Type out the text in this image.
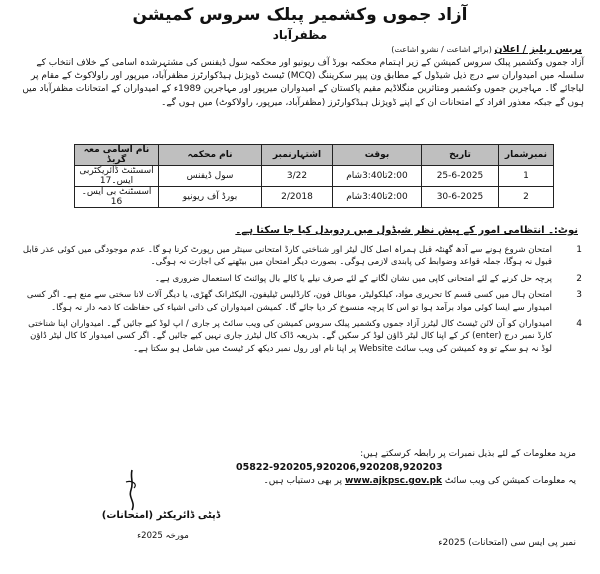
آزاد جموں وکشمیر پبلک سروس کمیشن
مظفرآباد
پریس ریلیز / اعلان (برائے اشاعت / نشرو اشاعت)
آزاد جموں وکشمیر پبلک سروس کمیشن کے زیر اہتمام محکمہ بورڈ آف ریونیو اور محکمہ سول ڈیفنس کی مشتہرشدہ اسامی کے خلاف انتخاب کے سلسلہ میں امیدواران سے درج ذیل شیڈول کے مطابق ون پیپر سکریننگ (MCQ) ٹیسٹ ڈویژنل ہیڈکوارٹرز مظفرآباد، میرپور اور راولاکوٹ کے مقام پر لیاجائے گا۔ مہاجرین جموں وکشمیر ومتاثرین منگلاڈیم مقیم پاکستان کے امیدواران میرپور اور مہاجرین 1989ء کے امیدواران کے امتحانات مظفرآباد میں ہوں گے جبکہ معذور افراد کے امتحانات ان کے اپنے ڈویژنل ہیڈکوارٹرز (مظفرآباد، میرپور، راولاکوٹ) میں ہوں گے۔
نمبرشمار	تاریخ	بوقت	اشتہارنمبر	نام محکمہ	نام اسامی معہ گریڈ
1	25-6-2025	2:00تا3:40شام	3/22	سول ڈیفنس	اسسٹنٹ ڈائریکٹربی ایس۔17
2	30-6-2025	2:00تا3:40شام	2/2018	بورڈ آف ریونیو	اسسٹنٹ بی ایس۔16
نوٹ:۔ انتظامی امور کے پیش نظر شیڈول میں ردوبدل کیا جا سکتا ہے۔
1
امتحان شروع ہونے سے آدھ گھنٹہ قبل ہمراہ اصل کال لیٹر اور شناختی کارڈ امتحانی سینٹر میں رپورٹ کرنا ہو گا۔ عدم موجودگی میں کوئی عذر قابل قبول نہ ہوگا، جملہ قواعد وضوابط کی پابندی لازمی ہوگی۔ بصورت دیگر امتحان میں بیٹھنے کی اجازت نہ ہوگی۔
2
پرچہ حل کرنے کے لئے امتحانی کاپی میں نشان لگانے کے لئے صرف نیلے یا کالے بال پوائنٹ کا استعمال ضروری ہے۔
3
امتحان ہال میں کسی قسم کا تحریری مواد، کیلکولیٹر، موبائل فون، کارڈلیس ٹیلیفون، الیکٹرانک گھڑی، یا دیگر آلات لانا سختی سے منع ہے۔ اگر کسی امیدوار سے ایسا کوئی مواد برآمد ہوا تو اس کا پرچہ منسوخ کر دیا جائے گا۔ کمیشن امیدواران کی ذاتی اشیاء کی حفاظت کا ذمہ دار نہ ہوگا۔
4
امیدواران کو آن لائن ٹیسٹ کال لیٹرز آزاد جموں وکشمیر پبلک سروس کمیشن کی ویب سائٹ پر جاری / اپ لوڈ کیے جائیں گے۔ امیدواران اپنا شناختی کارڈ نمبر درج (enter) کر کے اپنا کال لیٹر ڈاؤن لوڈ کر سکیں گے۔ بذریعہ ڈاک کال لیٹرز جاری نہیں کیے جائیں گے۔ اگر کسی امیدوار کا کال لیٹر ڈاؤن لوڈ نہ ہو سکے تو وہ کمیشن کی ویب سائٹ Website پر اپنا نام اور رول نمبر دیکھ کر ٹیسٹ میں شامل ہو سکتا ہے۔
مزید معلومات کے لئے بذیل نمبرات پر رابطہ کرسکتے ہیں:
05822-920205,920206,920208,920203
یہ معلومات کمیشن کی ویب سائٹ www.ajkpsc.gov.pk پر بھی دستیاب ہیں۔
ڈپٹی ڈائریکٹر (امتحانات)
مورخہ 2025ء
نمبر پی ایس سی (امتحانات) 2025ء
